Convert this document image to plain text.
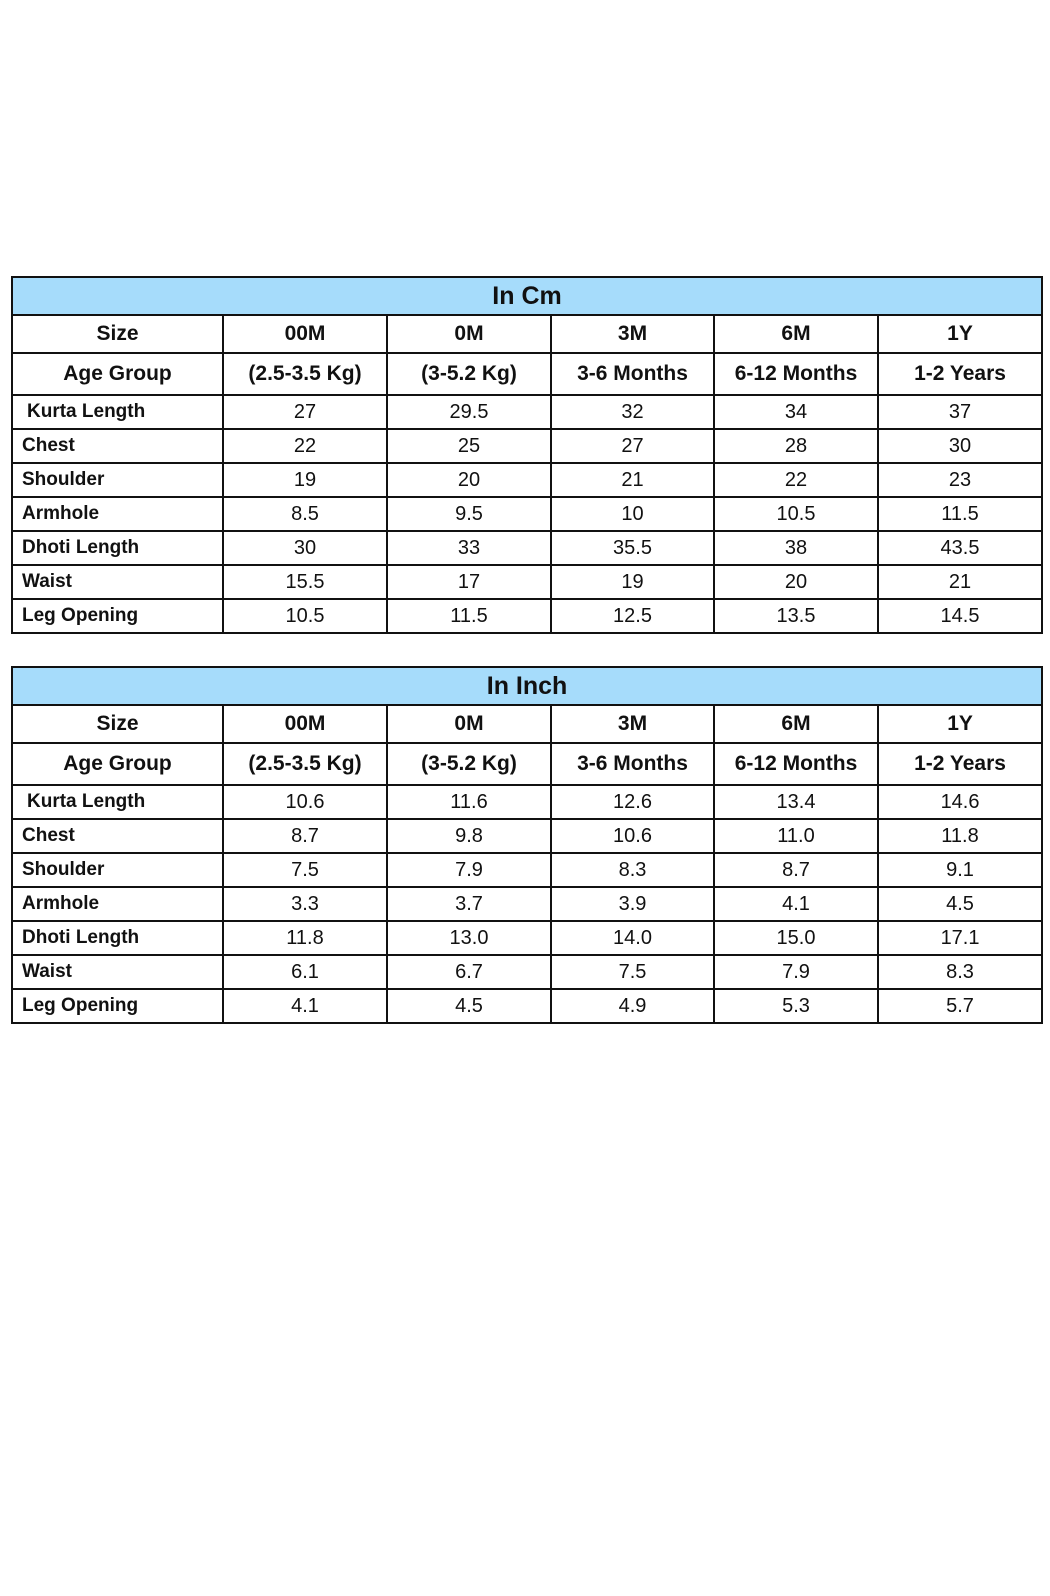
In Cm					
Size	00M	0M	3M	6M	1Y
Age Group	(2.5-3.5 Kg)	(3-5.2 Kg)	3-6 Months	6-12 Months	1-2 Years
Kurta Length	27	29.5	32	34	37
Chest	22	25	27	28	30
Shoulder	19	20	21	22	23
Armhole	8.5	9.5	10	10.5	11.5
Dhoti Length	30	33	35.5	38	43.5
Waist	15.5	17	19	20	21
Leg Opening	10.5	11.5	12.5	13.5	14.5
In Inch					
Size	00M	0M	3M	6M	1Y
Age Group	(2.5-3.5 Kg)	(3-5.2 Kg)	3-6 Months	6-12 Months	1-2 Years
Kurta Length	10.6	11.6	12.6	13.4	14.6
Chest	8.7	9.8	10.6	11.0	11.8
Shoulder	7.5	7.9	8.3	8.7	9.1
Armhole	3.3	3.7	3.9	4.1	4.5
Dhoti Length	11.8	13.0	14.0	15.0	17.1
Waist	6.1	6.7	7.5	7.9	8.3
Leg Opening	4.1	4.5	4.9	5.3	5.7
